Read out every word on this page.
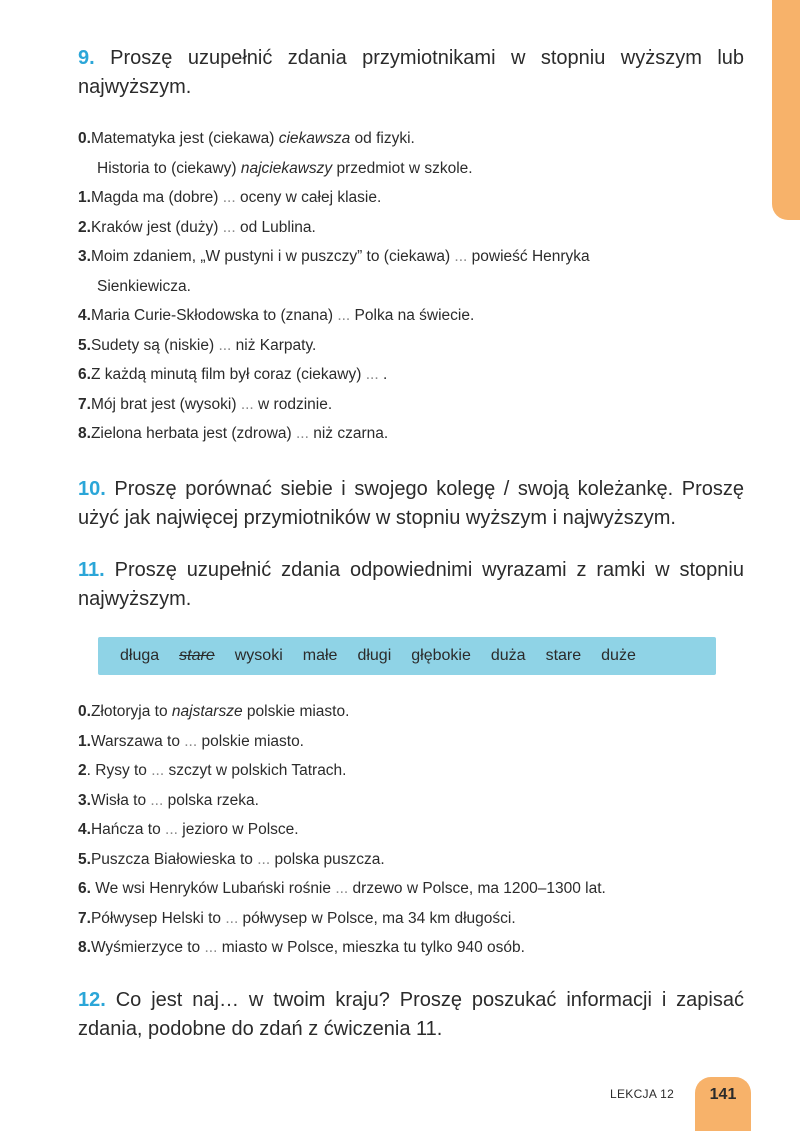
9. Proszę uzupełnić zdania przymiotnikami w stopniu wyższym lub najwyższym.
0.Matematyka jest (ciekawa) ciekawsza od fizyki.
Historia to (ciekawy) najciekawszy przedmiot w szkole.
1.Magda ma (dobre) ... oceny w całej klasie.
2.Kraków jest (duży) ... od Lublina.
3.Moim zdaniem, „W pustyni i w puszczy” to (ciekawa) ... powieść Henryka
Sienkiewicza.
4.Maria Curie-Skłodowska to (znana) ... Polka na świecie.
5.Sudety są (niskie) ... niż Karpaty.
6.Z każdą minutą film był coraz (ciekawy) ... .
7.Mój brat jest (wysoki) ... w rodzinie.
8.Zielona herbata jest (zdrowa) ... niż czarna.
10. Proszę porównać siebie i swojego kolegę / swoją koleżankę. Proszę użyć jak najwięcej przymiotników w stopniu wyższym i najwyższym.
11. Proszę uzupełnić zdania odpowiednimi wyrazami z ramki w stopniu najwyższym.
długa stare wysoki małe długi głębokie duża stare duże
0.Złotoryja to najstarsze polskie miasto.
1.Warszawa to ... polskie miasto.
2. Rysy to ... szczyt w polskich Tatrach.
3.Wisła to ... polska rzeka.
4.Hańcza to ... jezioro w Polsce.
5.Puszcza Białowieska to ... polska puszcza.
6. We wsi Henryków Lubański rośnie ... drzewo w Polsce, ma 1200–1300 lat.
7.Półwysep Helski to ... półwysep w Polsce, ma 34 km długości.
8.Wyśmierzyce to ... miasto w Polsce, mieszka tu tylko 940 osób.
12. Co jest naj… w twoim kraju? Proszę poszukać informacji i zapisać zdania, podobne do zdań z ćwiczenia 11.
LEKCJA 12	141
